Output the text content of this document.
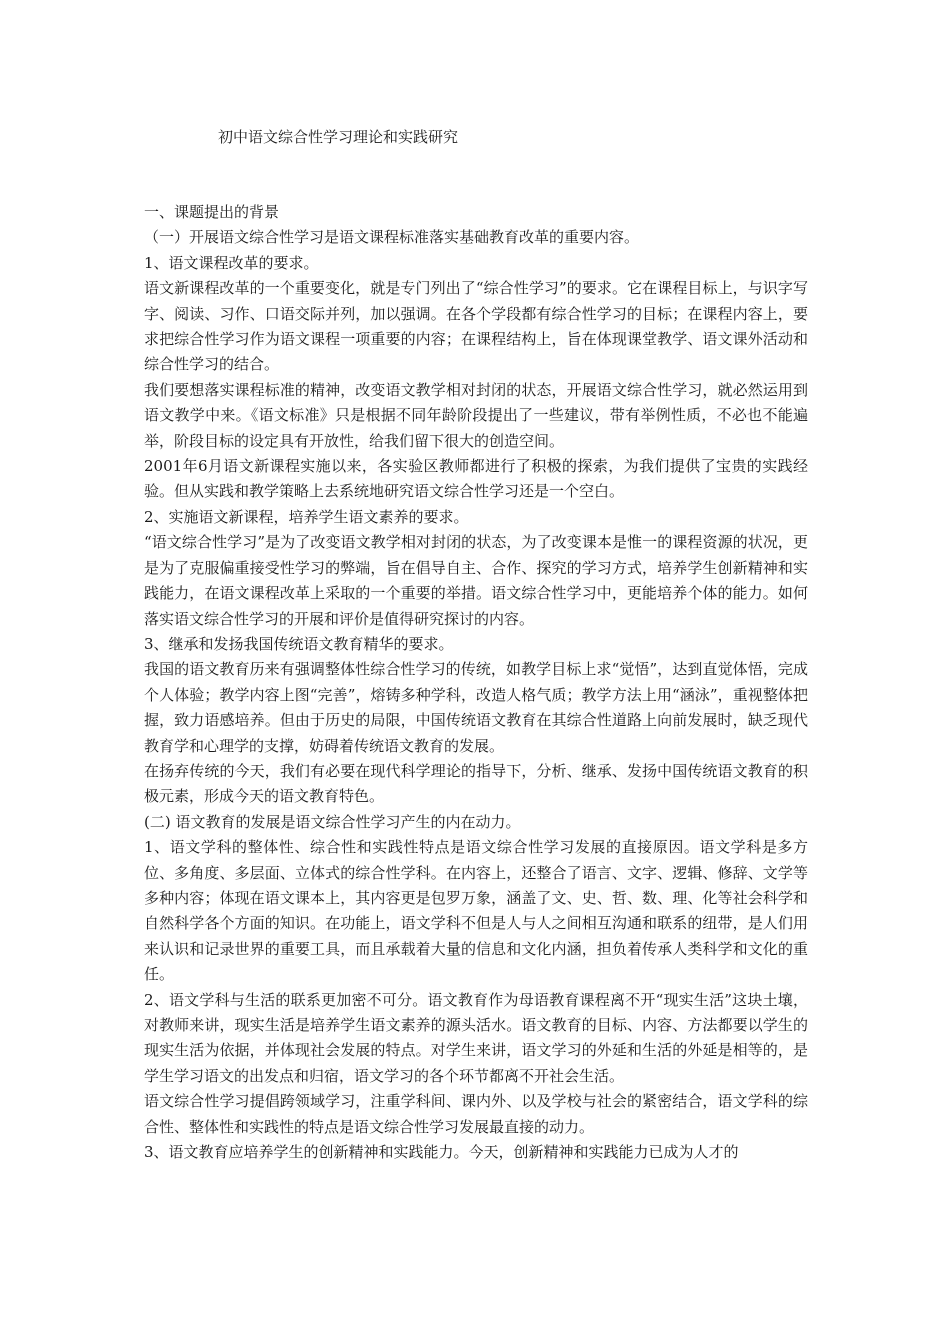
初中语文综合性学习理论和实践研究

一、课题提出的背景

（一）开展语文综合性学习是语文课程标准落实基础教育改革的重要内容。

1、语文课程改革的要求。

语文新课程改革的一个重要变化，就是专门列出了“综合性学习”的要求。它在课程目标上，与识字写字、阅读、习作、口语交际并列，加以强调。在各个学段都有综合性学习的目标；在课程内容上，要求把综合性学习作为语文课程一项重要的内容；在课程结构上，旨在体现课堂教学、语文课外活动和综合性学习的结合。

我们要想落实课程标准的精神，改变语文教学相对封闭的状态，开展语文综合性学习，就必然运用到语文教学中来。《语文标准》只是根据不同年龄阶段提出了一些建议，带有举例性质，不必也不能遍举，阶段目标的设定具有开放性，给我们留下很大的创造空间。

2001年6月语文新课程实施以来，各实验区教师都进行了积极的探索，为我们提供了宝贵的实践经验。但从实践和教学策略上去系统地研究语文综合性学习还是一个空白。

2、实施语文新课程，培养学生语文素养的要求。

“语文综合性学习”是为了改变语文教学相对封闭的状态，为了改变课本是惟一的课程资源的状况，更是为了克服偏重接受性学习的弊端，旨在倡导自主、合作、探究的学习方式，培养学生创新精神和实践能力，在语文课程改革上采取的一个重要的举措。语文综合性学习中，更能培养个体的能力。如何落实语文综合性学习的开展和评价是值得研究探讨的内容。

3、继承和发扬我国传统语文教育精华的要求。

我国的语文教育历来有强调整体性综合性学习的传统，如教学目标上求“觉悟”，达到直觉体悟，完成个人体验；教学内容上图“完善”，熔铸多种学科，改造人格气质；教学方法上用“涵泳”，重视整体把握，致力语感培养。但由于历史的局限，中国传统语文教育在其综合性道路上向前发展时，缺乏现代教育学和心理学的支撑，妨碍着传统语文教育的发展。

在扬弃传统的今天，我们有必要在现代科学理论的指导下，分析、继承、发扬中国传统语文教育的积极元素，形成今天的语文教育特色。

(二) 语文教育的发展是语文综合性学习产生的内在动力。

1、语文学科的整体性、综合性和实践性特点是语文综合性学习发展的直接原因。语文学科是多方位、多角度、多层面、立体式的综合性学科。在内容上，还整合了语言、文字、逻辑、修辞、文学等多种内容；体现在语文课本上，其内容更是包罗万象，涵盖了文、史、哲、数、理、化等社会科学和自然科学各个方面的知识。在功能上，语文学科不但是人与人之间相互沟通和联系的纽带，是人们用来认识和记录世界的重要工具，而且承载着大量的信息和文化内涵，担负着传承人类科学和文化的重任。

2、语文学科与生活的联系更加密不可分。语文教育作为母语教育课程离不开“现实生活”这块土壤，对教师来讲，现实生活是培养学生语文素养的源头活水。语文教育的目标、内容、方法都要以学生的现实生活为依据，并体现社会发展的特点。对学生来讲，语文学习的外延和生活的外延是相等的，是学生学习语文的出发点和归宿，语文学习的各个环节都离不开社会生活。

语文综合性学习提倡跨领域学习，注重学科间、课内外、以及学校与社会的紧密结合，语文学科的综合性、整体性和实践性的特点是语文综合性学习发展最直接的动力。

3、语文教育应培养学生的创新精神和实践能力。今天，创新精神和实践能力已成为人才的
